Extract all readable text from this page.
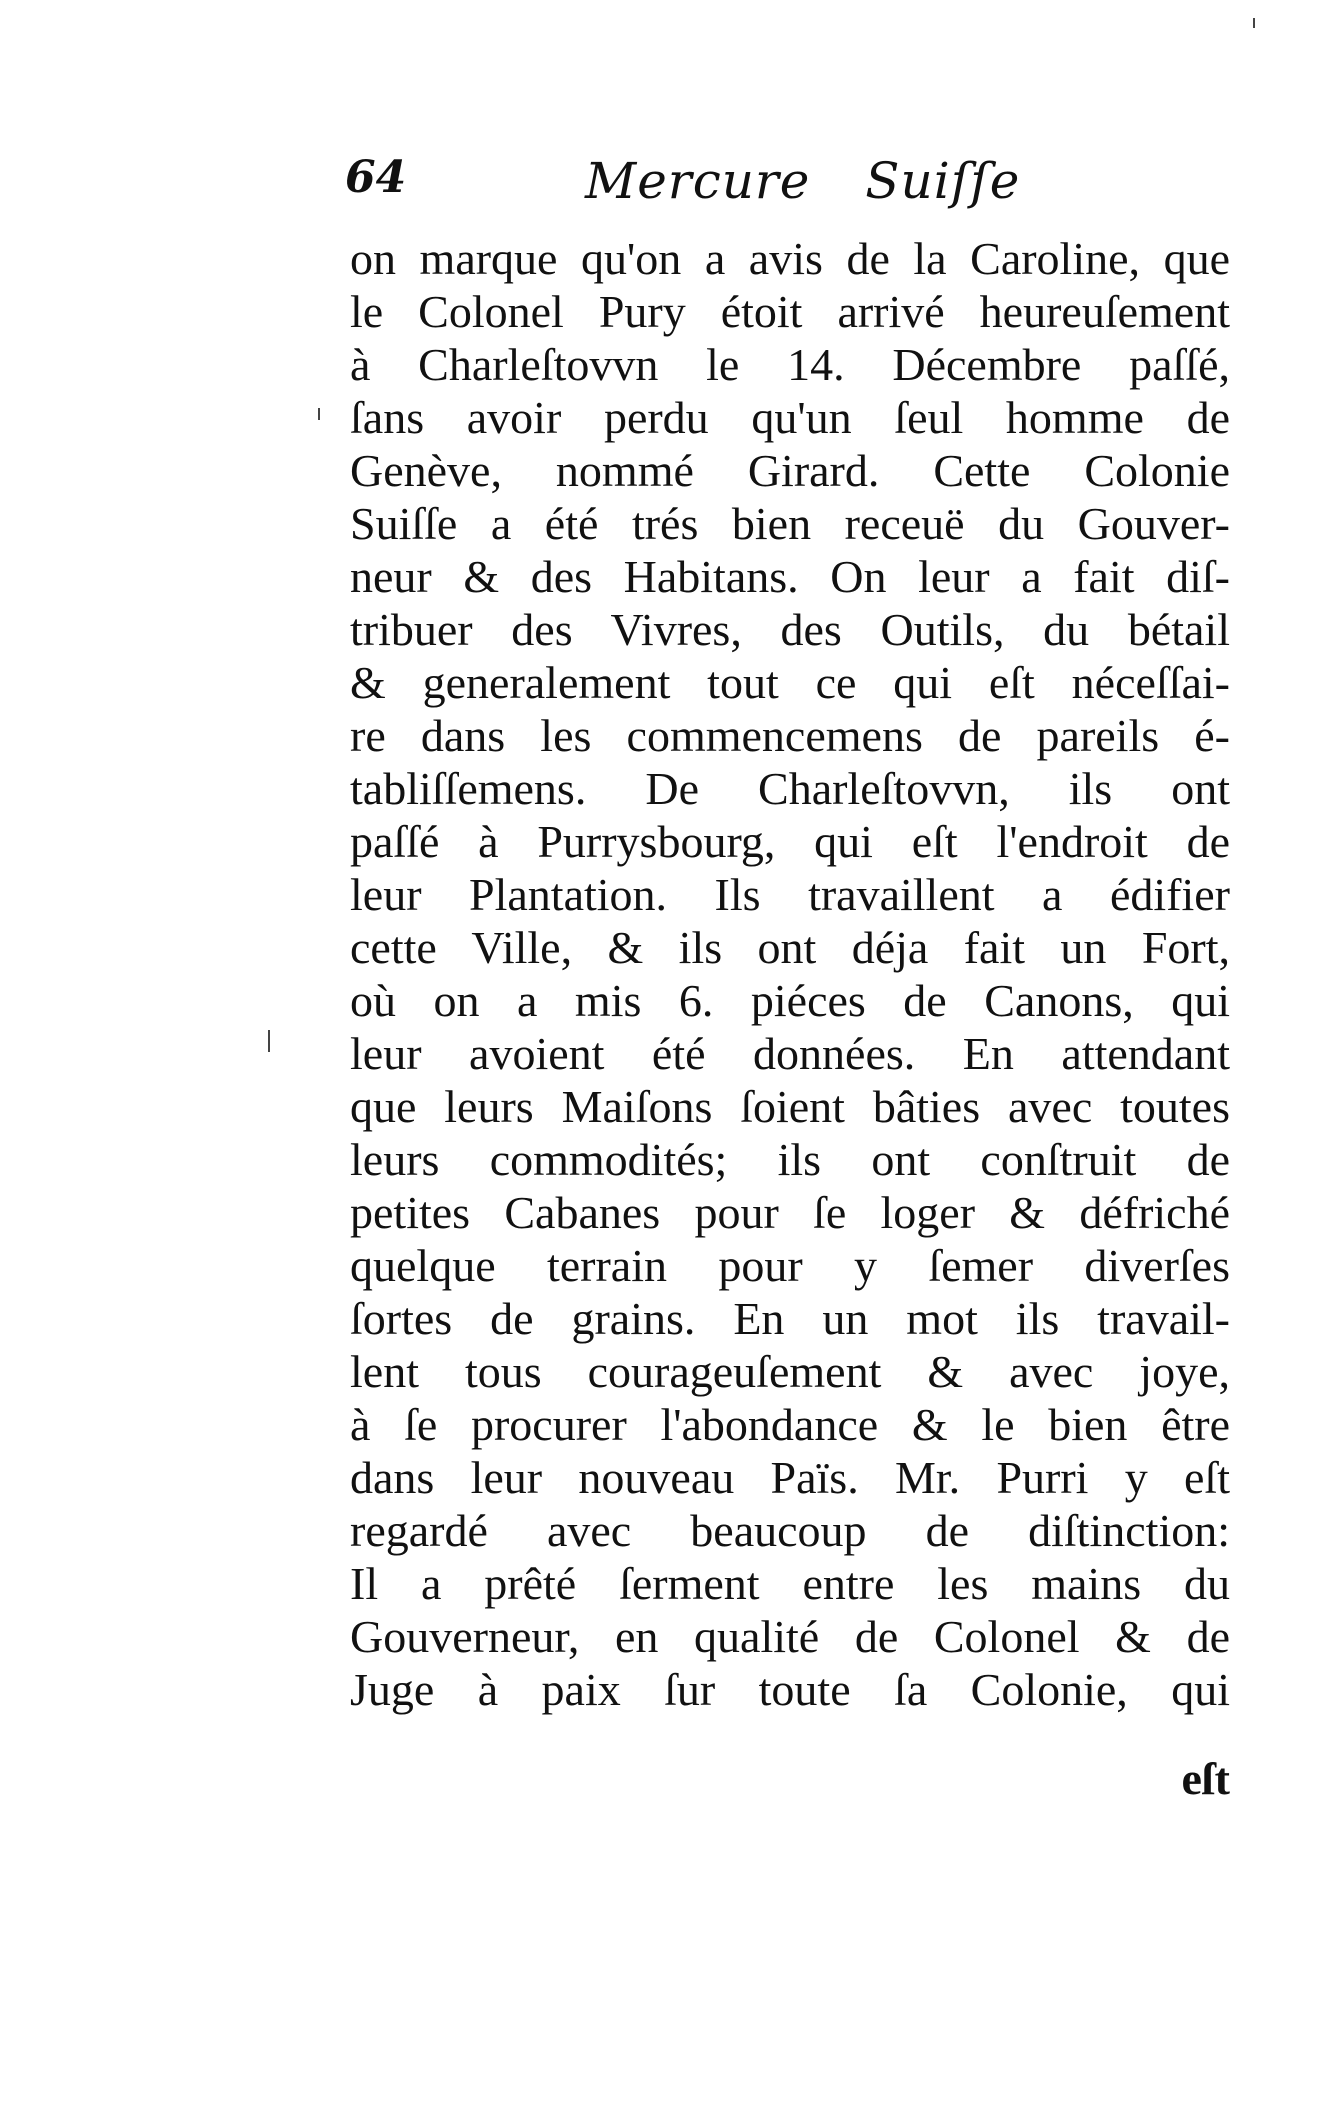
64	Mercure Suiſſe
on marque qu'on a avis de la Caroline, que
le Colonel Pury étoit arrivé heureuſement
à Charleſtovvn le 14. Décembre paſſé,
ſans avoir perdu qu'un ſeul homme de
Genève, nommé Girard. Cette Colonie
Suiſſe a été trés bien receuë du Gouver-
neur & des Habitans. On leur a fait diſ-
tribuer des Vivres, des Outils, du bétail
& generalement tout ce qui eſt néceſſai-
re dans les commencemens de pareils é-
tabliſſemens. De Charleſtovvn, ils ont
paſſé à Purrysbourg, qui eſt l'endroit de
leur Plantation. Ils travaillent a édifier
cette Ville, & ils ont déja fait un Fort,
où on a mis 6. piéces de Canons, qui
leur avoient été données. En attendant
que leurs Maiſons ſoient bâties avec toutes
leurs commodités; ils ont conſtruit de
petites Cabanes pour ſe loger & défriché
quelque terrain pour y ſemer diverſes
ſortes de grains. En un mot ils travail-
lent tous courageuſement & avec joye,
à ſe procurer l'abondance & le bien être
dans leur nouveau Païs. Mr. Purri y eſt
regardé avec beaucoup de diſtinction:
Il a prêté ſerment entre les mains du
Gouverneur, en qualité de Colonel & de
Juge à paix ſur toute ſa Colonie, qui
eſt
